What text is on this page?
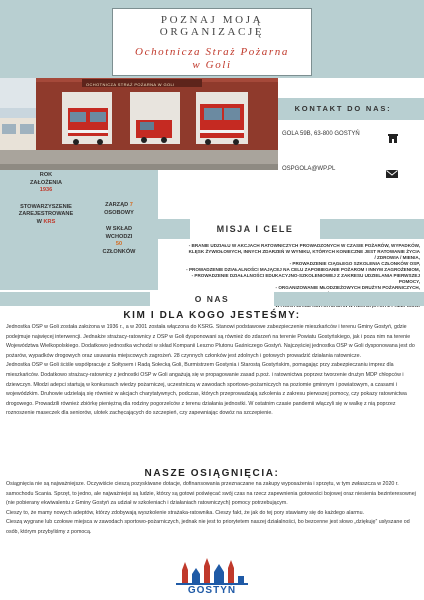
POZNAJ MOJĄ ORGANIZACJĘ
Ochotnicza Straż Pożarna
w Goli
OCHOTNICZA STRAŻ POŻARNA W GOLI
KONTAKT DO NAS:
GOLA 59B, 63-800 GOSTYŃ
OSPGOLA@WP.PL
ROK
ZAŁOŻENIA
1936
STOWARZYSZENIE
ZAREJESTROWANE
W KRS
ZARZĄD 7
OSOBOWY
W SKŁAD
WCHODZI
50
CZŁONKÓW
MISJA I CELE
- BRANIE UDZIAŁU W AKCJACH RATOWNICZYCH PROWADZONYCH W CZASIE POŻARÓW, WYPADKÓW,
KLĘSK ŻYWIOŁOWYCH, INNYCH ZDARZEŃ W WYNIKU, KTÓRYCH KONIECZNE JEST RATOWANIE ŻYCIA
/ ZDROWIA / MIENIA,
- PROWADZENIE CIĄGŁEGO SZKOLENIA CZŁONKÓW OSP,
- PROWADZENIE DZIAŁALNOŚCI MAJĄCEJ NA CELU ZAPOBIEGANIE POŻAROM I INNYM ZAGROŻENIOM,
- PROWADZENIE DZIAŁALNOŚCI EDUKACYJNO-SZKOLENIOWEJ Z ZAKRESU UDZIELANIA PIERWSZEJ
POMOCY,
- ORGANIZOWANIE MŁODZIEŻOWYCH DRUŻYN POŻARNICZYCH,
O NAS
KIM I DLA KOGO JESTEŚMY:

Jednostka OSP w Goli została założona w 1936 r., a w 2001 została włączona do KSRG. Stanowi podstawowe zabezpieczenie mieszkańców i terenu Gminy Gostyń, gdzie podejmuje najwięcej interwencji. Jednakże strażacy-ratownicy z OSP w Goli dysponowani są również do zdarzeń na terenie Powiatu Gostyńskiego, jak i poza nim na terenie Województwa Wielkopolskiego. Dodatkowo jednostka wchodzi w skład Kompanii Leszno Plutonu Gaśniczego Gostyń. Najczęściej jednostka OSP w Goli dysponowana jest do pożarów, wypadków drogowych oraz usuwania miejscowych zagrożeń. 28 czynnych członków jest zdolnych i gotowych prowadzić działania ratownicze.

Jednostka OSP w Goli ściśle współpracuje z Sołtysem i Radą Sołecką Goli, Burmistrzem Gostynia i Starostą Gostyńskim, pomagając przy zabezpieczaniu imprez dla mieszkańców. Dodatkowo strażacy-ratownicy z jednostki OSP w Goli angażują się w propagowanie zasad p.poż. i ratownictwa poprzez tworzenie drużyn MDP chłopców i dziewczyn. Młodzi adepci startują w konkursach wiedzy pożarniczej, uczestniczą w zawodach sportowo-pożarniczych na poziomie gminnym i powiatowym, a czasami i wojewódzkim. Druhowie udzielają się również w akcjach charytatywnych, podczas, których przeprowadzają szkolenia z zakresu pierwszej pomocy, czy pokazy ratownictwa drogowego. Prowadzili również zbiórkę pieniężną dla rodziny pogorzelców z terenu działania jednostki. W ostatnim czasie pandemii włączyli się w walkę z nią poprzez roznoszenie maseczek dla seniorów, ulotek zachęcających do szczepień, czy zapewniając dowóz na szczepienie.

NASZE OSIĄGNIĘCIA:

Osiągnięcia nie są najważniejsze. Oczywiście cieszą pozyskiwane dotacje, dofinansowania przeznaczane na zakupy wyposażenia i sprzętu, w tym zwłaszcza w 2020 r. samochodu Scania. Sprzęt, to jedno, ale najważniejsi są ludzie, którzy są gotowi poświęcać swój czas na rzecz zapewnienia gotowości bojowej oraz niesienia bezinteresownej (nie pobierany ekwiwalentu z Gminy Gostyń za udział w szkoleniach i działaniach ratowniczych) pomocy potrzebującym.

Cieszy to, że mamy nowych adeptów, którzy zdobywają wyszkolenie strażaka-ratownika. Cieszy fakt, że jak do tej pory stawiamy się do każdego alarmu.

Cieszą wygrane lub czołowe miejsca w zawodach sportowo-pożarniczych, jednak nie jest to priorytetem naszej działalności, bo bezcenne jest słowo „dziękuję” usłyszane od osób, którym przybyliśmy z pomocą.

GOSTYŃ
